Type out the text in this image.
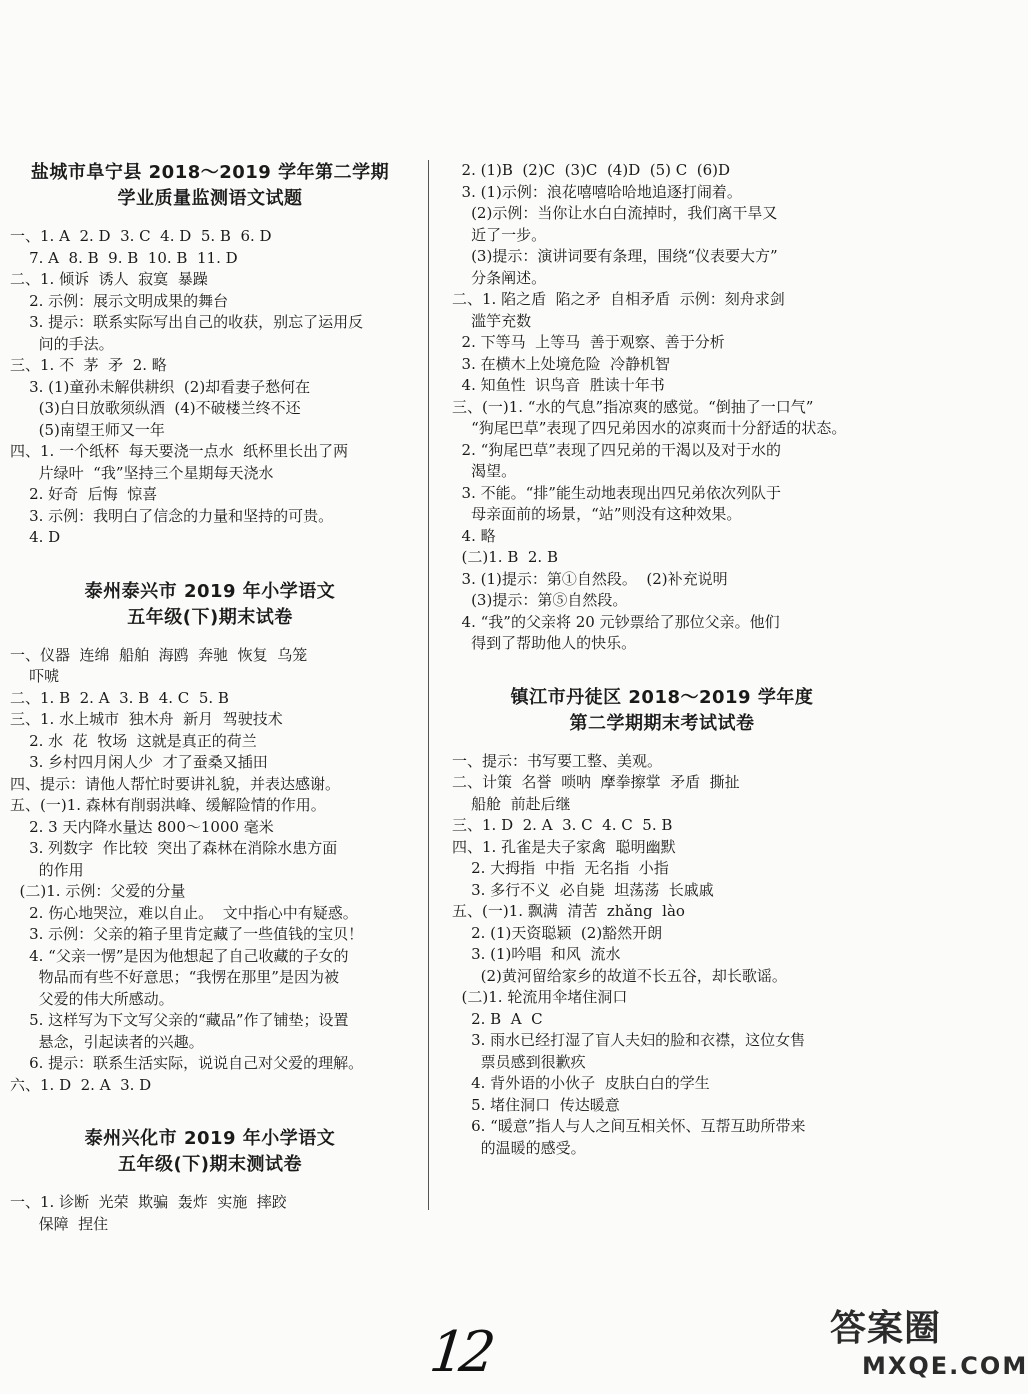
盐城市阜宁县 2018～2019 学年第二学期
学业质量监测语文试题
一、1. A  2. D  3. C  4. D  5. B  6. D
7. A  8. B  9. B  10. B  11. D
二、1. 倾诉  诱人  寂寞  暴躁
2. 示例：展示文明成果的舞台
3. 提示：联系实际写出自己的收获，别忘了运用反
问的手法。
三、1. 不  茅  矛  2. 略
3. (1)童孙未解供耕织  (2)却看妻子愁何在
(3)白日放歌须纵酒  (4)不破楼兰终不还
(5)南望王师又一年
四、1. 一个纸杯  每天要浇一点水  纸杯里长出了两
片绿叶  “我”坚持三个星期每天浇水
2. 好奇  后悔  惊喜
3. 示例：我明白了信念的力量和坚持的可贵。
4. D
泰州泰兴市 2019 年小学语文
五年级(下)期末试卷
一、仪器  连绵  船舶  海鸥  奔驰  恢复  乌笼
吓唬
二、1. B  2. A  3. B  4. C  5. B
三、1. 水上城市  独木舟  新月  驾驶技术
2. 水  花  牧场  这就是真正的荷兰
3. 乡村四月闲人少  才了蚕桑又插田
四、提示：请他人帮忙时要讲礼貌，并表达感谢。
五、(一)1. 森林有削弱洪峰、缓解险情的作用。
2. 3 天内降水量达 800～1000 毫米
3. 列数字  作比较  突出了森林在消除水患方面
的作用
(二)1. 示例：父爱的分量
2. 伤心地哭泣，难以自止。  文中指心中有疑惑。
3. 示例：父亲的箱子里肯定藏了一些值钱的宝贝！
4. “父亲一愣”是因为他想起了自己收藏的子女的
物品而有些不好意思；“我愣在那里”是因为被
父爱的伟大所感动。
5. 这样写为下文写父亲的“藏品”作了铺垫；设置
悬念，引起读者的兴趣。
6. 提示：联系生活实际，说说自己对父爱的理解。
六、1. D  2. A  3. D
泰州兴化市 2019 年小学语文
五年级(下)期末测试卷
一、1. 诊断  光荣  欺骗  轰炸  实施  摔跤
保障  捏住
2. (1)B  (2)C  (3)C  (4)D  (5) C  (6)D
3. (1)示例：浪花嘻嘻哈哈地追逐打闹着。
(2)示例：当你让水白白流掉时，我们离干旱又
近了一步。
(3)提示：演讲词要有条理，围绕“仪表要大方”
分条阐述。
二、1. 陷之盾  陷之矛  自相矛盾  示例：刻舟求剑
滥竽充数
2. 下等马  上等马  善于观察、善于分析
3. 在横木上处境危险  冷静机智
4. 知鱼性  识鸟音  胜读十年书
三、(一)1. “水的气息”指凉爽的感觉。“倒抽了一口气”
“狗尾巴草”表现了四兄弟因水的凉爽而十分舒适的状态。
2. “狗尾巴草”表现了四兄弟的干渴以及对于水的
渴望。
3. 不能。“排”能生动地表现出四兄弟依次列队于
母亲面前的场景，“站”则没有这种效果。
4. 略
(二)1. B  2. B
3. (1)提示：第①自然段。  (2)补充说明
(3)提示：第⑤自然段。
4. “我”的父亲将 20 元钞票给了那位父亲。他们
得到了帮助他人的快乐。
镇江市丹徒区 2018～2019 学年度
第二学期期末考试试卷
一、提示：书写要工整、美观。
二、计策  名誉  唢呐  摩拳擦掌  矛盾  撕扯
船舱  前赴后继
三、1. D  2. A  3. C  4. C  5. B
四、1. 孔雀是夫子家禽  聪明幽默
2. 大拇指  中指  无名指  小指
3. 多行不义  必自毙  坦荡荡  长戚戚
五、(一)1. 飘满  清苦  zhǎng  lào
2. (1)天资聪颖  (2)豁然开朗
3. (1)吟唱  和风  流水
(2)黄河留给家乡的故道不长五谷，却长歌谣。
(二)1. 轮流用伞堵住洞口
2. B  A  C
3. 雨水已经打湿了盲人夫妇的脸和衣襟，这位女售
票员感到很歉疚
4. 背外语的小伙子  皮肤白白的学生
5. 堵住洞口  传达暖意
6. “暖意”指人与人之间互相关怀、互帮互助所带来
的温暖的感受。
12	答案圈
MXQE.COM
